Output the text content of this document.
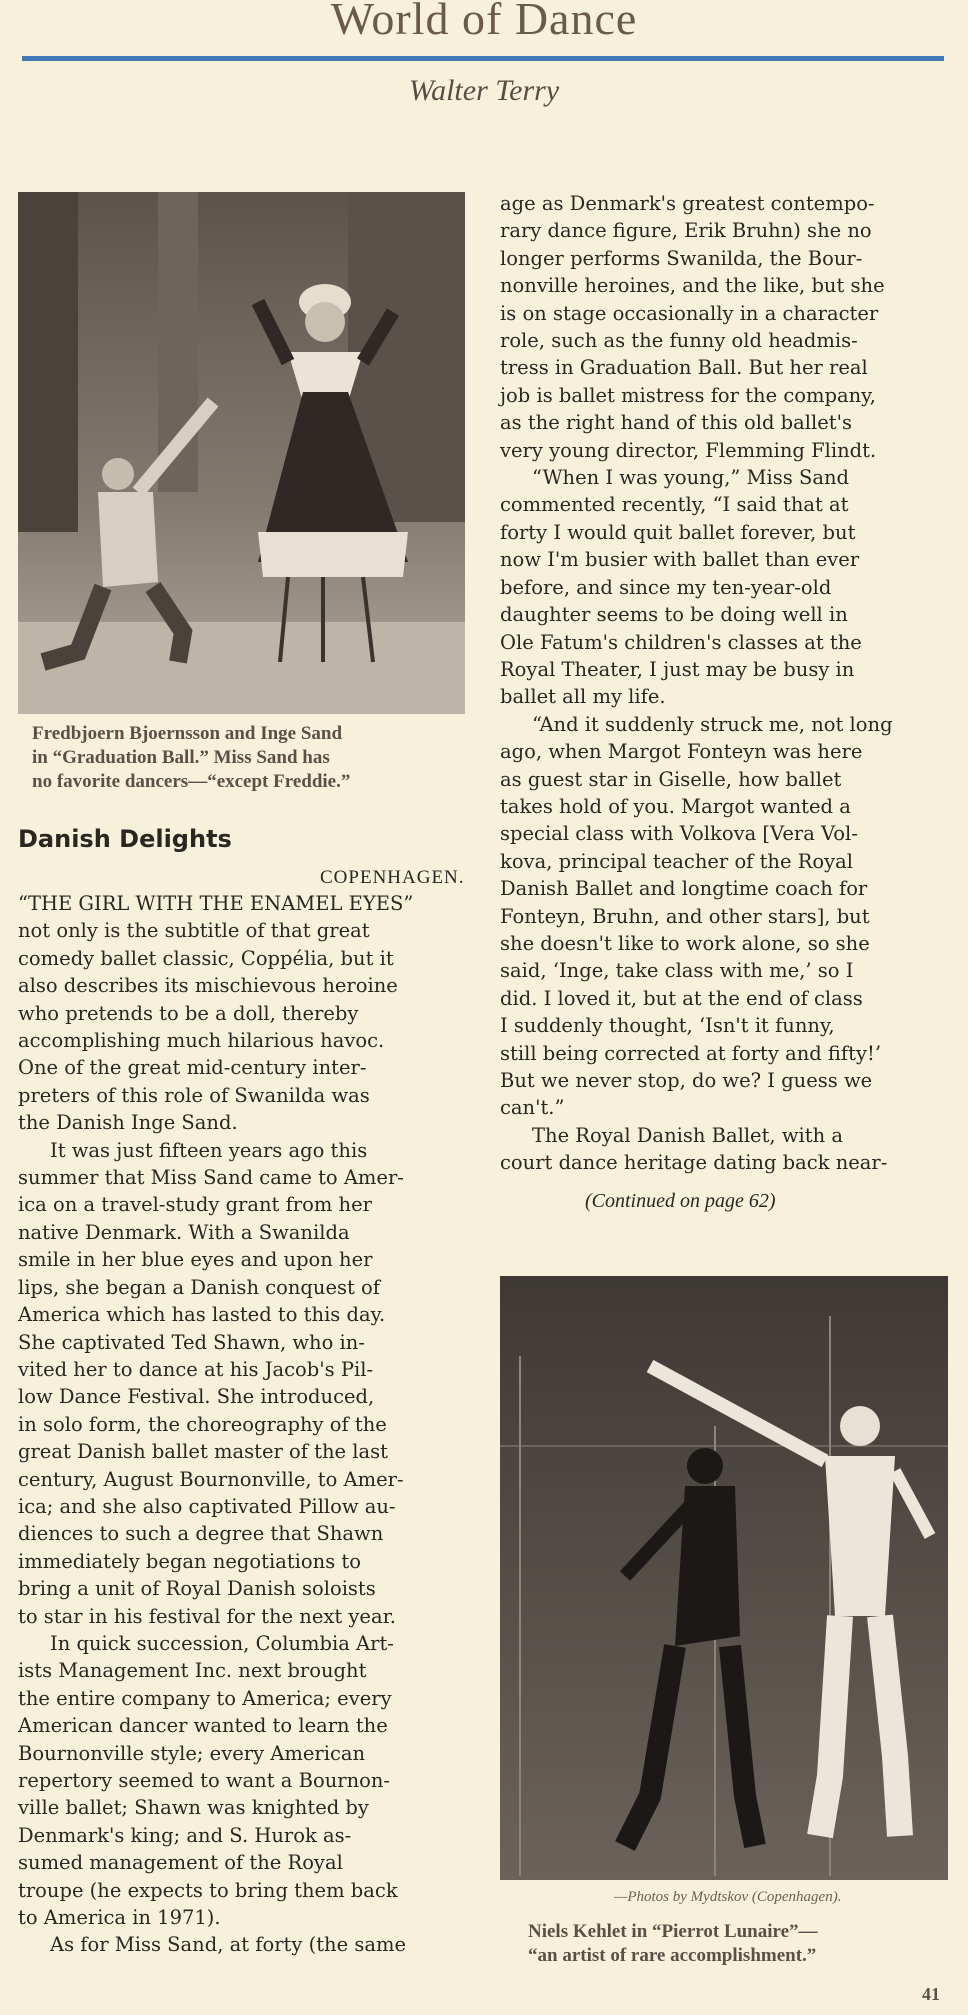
World of Dance
Walter Terry
Fredbjoern Bjoernsson and Inge Sand
in “Graduation Ball.” Miss Sand has
no favorite dancers—“except Freddie.”
Danish Delights
COPENHAGEN.
“THE GIRL WITH THE ENAMEL EYES”
not only is the subtitle of that great
comedy ballet classic, Coppélia, but it
also describes its mischievous heroine
who pretends to be a doll, thereby
accomplishing much hilarious havoc.
One of the great mid-century inter-
preters of this role of Swanilda was
the Danish Inge Sand.
It was just fifteen years ago this
summer that Miss Sand came to Amer-
ica on a travel-study grant from her
native Denmark. With a Swanilda
smile in her blue eyes and upon her
lips, she began a Danish conquest of
America which has lasted to this day.
She captivated Ted Shawn, who in-
vited her to dance at his Jacob's Pil-
low Dance Festival. She introduced,
in solo form, the choreography of the
great Danish ballet master of the last
century, August Bournonville, to Amer-
ica; and she also captivated Pillow au-
diences to such a degree that Shawn
immediately began negotiations to
bring a unit of Royal Danish soloists
to star in his festival for the next year.
In quick succession, Columbia Art-
ists Management Inc. next brought
the entire company to America; every
American dancer wanted to learn the
Bournonville style; every American
repertory seemed to want a Bournon-
ville ballet; Shawn was knighted by
Denmark's king; and S. Hurok as-
sumed management of the Royal
troupe (he expects to bring them back
to America in 1971).
As for Miss Sand, at forty (the same
age as Denmark's greatest contempo-
rary dance figure, Erik Bruhn) she no
longer performs Swanilda, the Bour-
nonville heroines, and the like, but she
is on stage occasionally in a character
role, such as the funny old headmis-
tress in Graduation Ball. But her real
job is ballet mistress for the company,
as the right hand of this old ballet's
very young director, Flemming Flindt.
“When I was young,” Miss Sand
commented recently, “I said that at
forty I would quit ballet forever, but
now I'm busier with ballet than ever
before, and since my ten-year-old
daughter seems to be doing well in
Ole Fatum's children's classes at the
Royal Theater, I just may be busy in
ballet all my life.
“And it suddenly struck me, not long
ago, when Margot Fonteyn was here
as guest star in Giselle, how ballet
takes hold of you. Margot wanted a
special class with Volkova [Vera Vol-
kova, principal teacher of the Royal
Danish Ballet and longtime coach for
Fonteyn, Bruhn, and other stars], but
she doesn't like to work alone, so she
said, ‘Inge, take class with me,’ so I
did. I loved it, but at the end of class
I suddenly thought, ‘Isn't it funny,
still being corrected at forty and fifty!’
But we never stop, do we? I guess we
can't.”
The Royal Danish Ballet, with a
court dance heritage dating back near-
(Continued on page 62)
—Photos by Mydtskov (Copenhagen).
Niels Kehlet in “Pierrot Lunaire”—
“an artist of rare accomplishment.”
41
